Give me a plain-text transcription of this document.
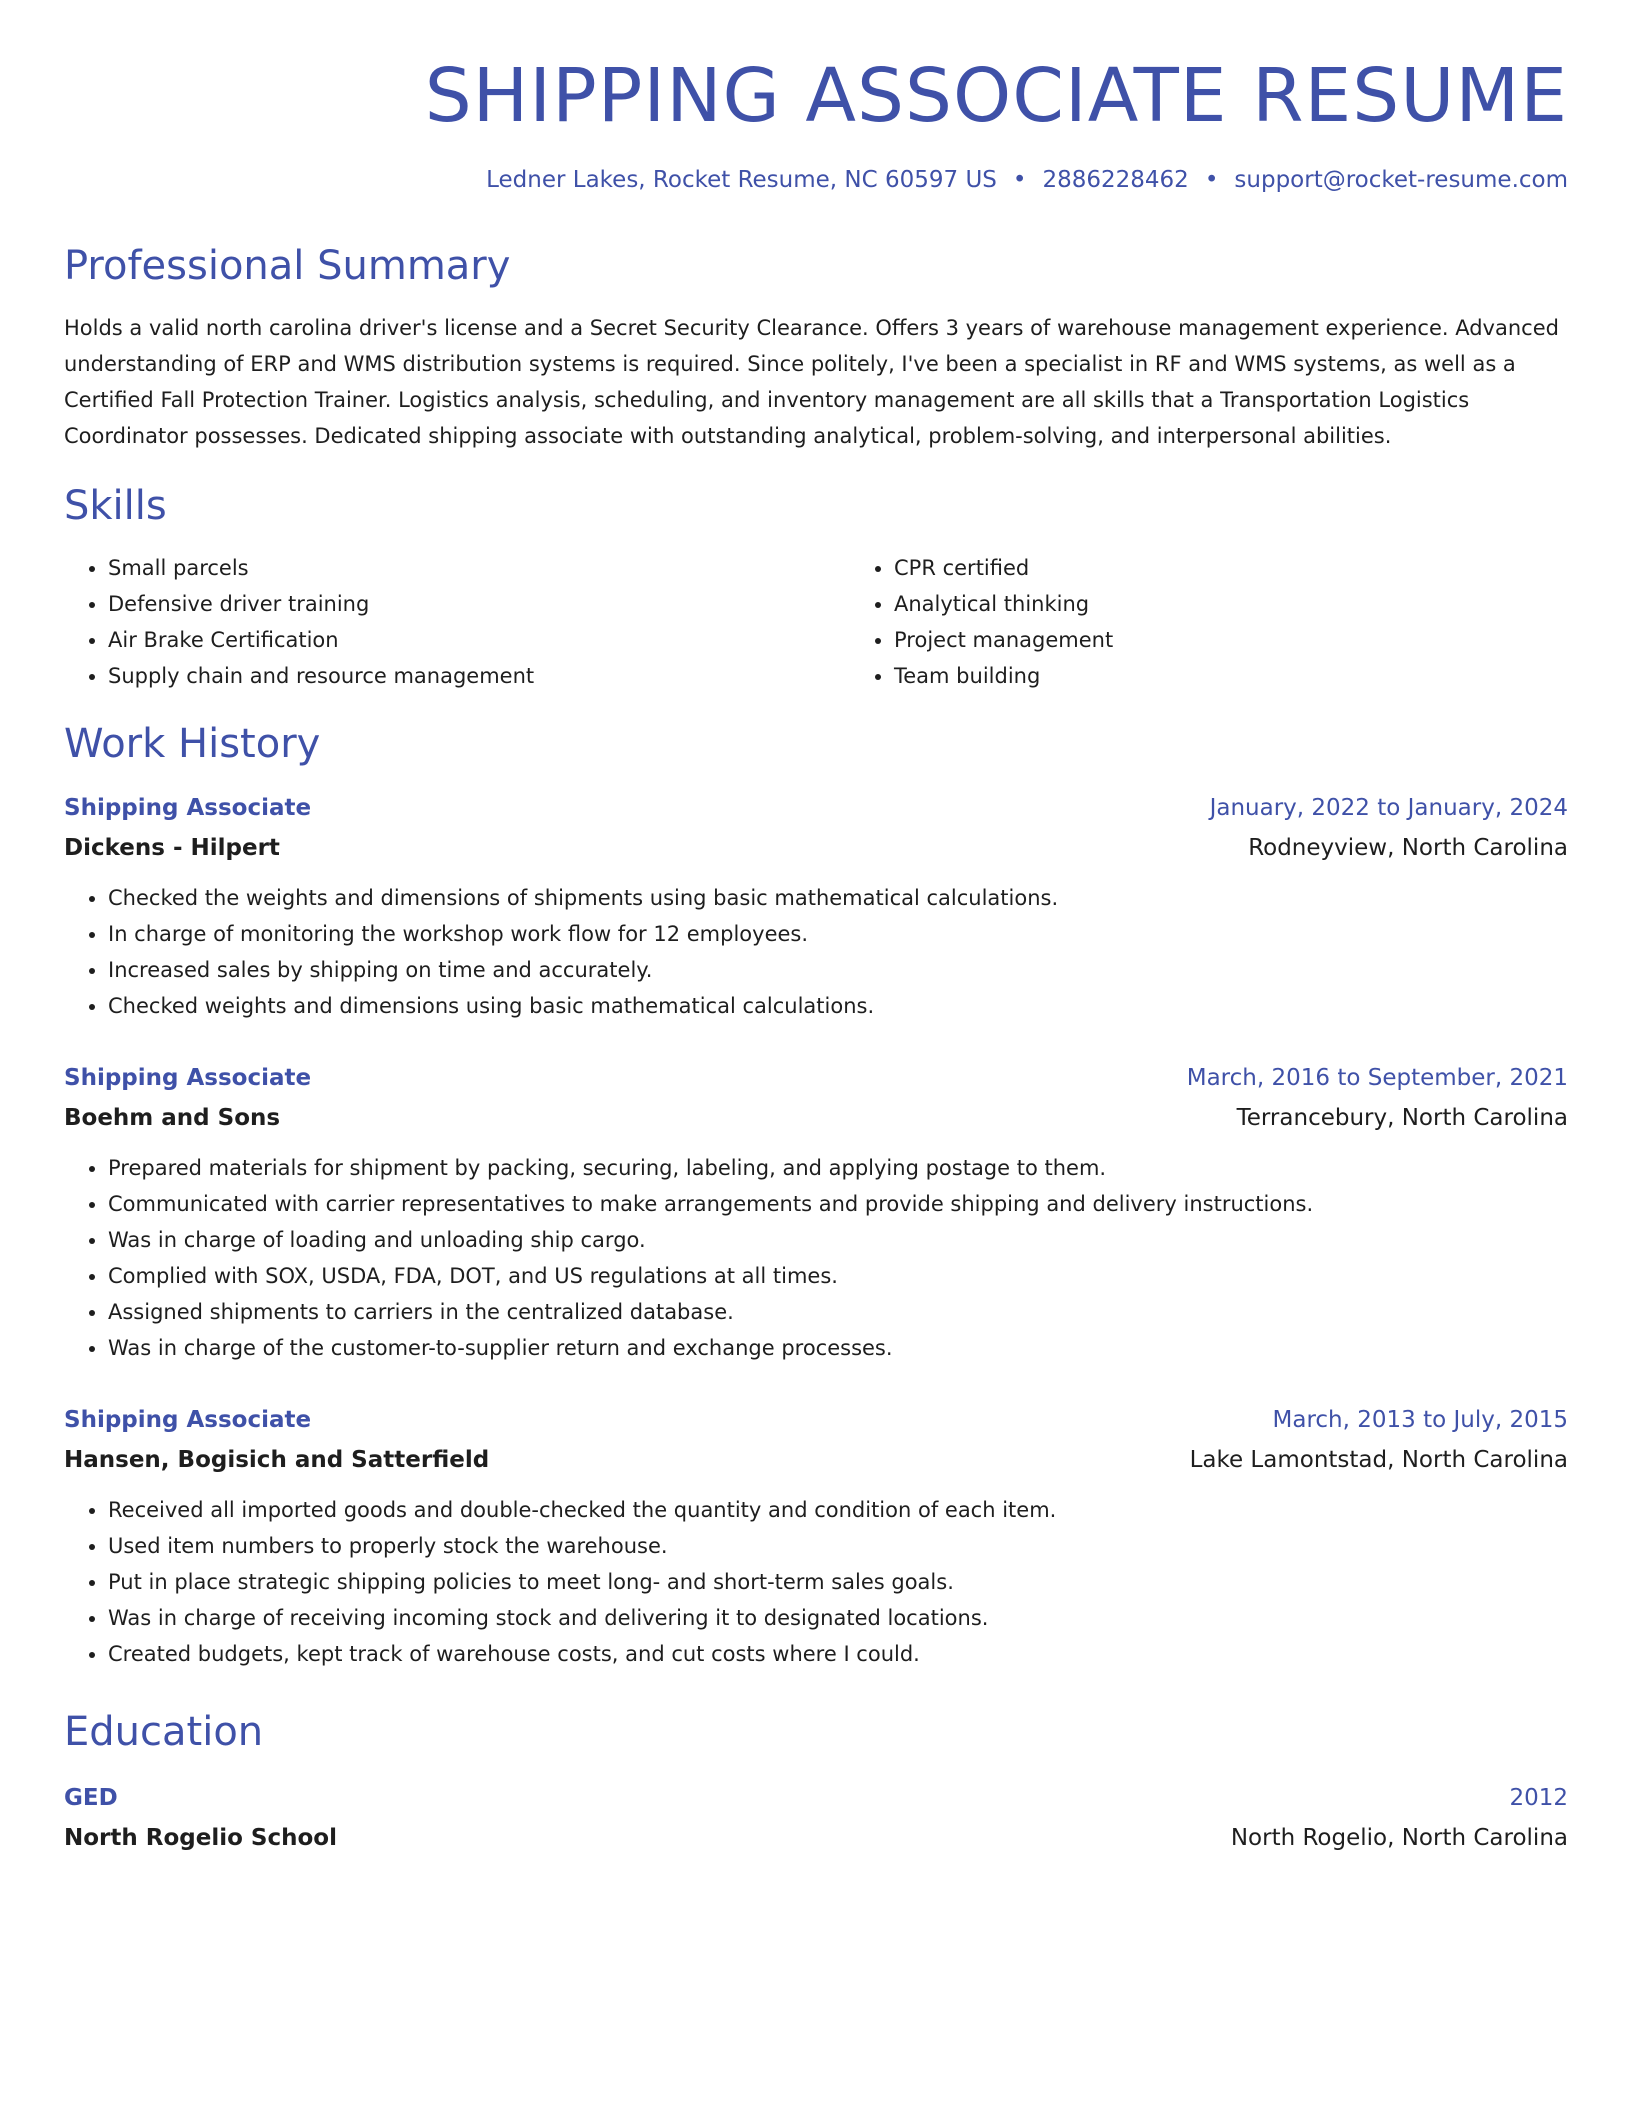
SHIPPING ASSOCIATE RESUME
Ledner Lakes, Rocket Resume, NC 60597 US • 2886228462 • support@rocket-resume.com
Professional Summary
Holds a valid north carolina driver's license and a Secret Security Clearance. Offers 3 years of warehouse management experience. Advanced understanding of ERP and WMS distribution systems is required. Since politely, I've been a specialist in RF and WMS systems, as well as a Certified Fall Protection Trainer. Logistics analysis, scheduling, and inventory management are all skills that a Transportation Logistics Coordinator possesses. Dedicated shipping associate with outstanding analytical, problem-solving, and interpersonal abilities.
Skills
• Small parcels
• Defensive driver training
• Air Brake Certification
• Supply chain and resource management
• CPR certified
• Analytical thinking
• Project management
• Team building
Work History
Shipping Associate	January, 2022 to January, 2024
Dickens - Hilpert	Rodneyview, North Carolina
• Checked the weights and dimensions of shipments using basic mathematical calculations.
• In charge of monitoring the workshop work flow for 12 employees.
• Increased sales by shipping on time and accurately.
• Checked weights and dimensions using basic mathematical calculations.
Shipping Associate	March, 2016 to September, 2021
Boehm and Sons	Terrancebury, North Carolina
• Prepared materials for shipment by packing, securing, labeling, and applying postage to them.
• Communicated with carrier representatives to make arrangements and provide shipping and delivery instructions.
• Was in charge of loading and unloading ship cargo.
• Complied with SOX, USDA, FDA, DOT, and US regulations at all times.
• Assigned shipments to carriers in the centralized database.
• Was in charge of the customer-to-supplier return and exchange processes.
Shipping Associate	March, 2013 to July, 2015
Hansen, Bogisich and Satterfield	Lake Lamontstad, North Carolina
• Received all imported goods and double-checked the quantity and condition of each item.
• Used item numbers to properly stock the warehouse.
• Put in place strategic shipping policies to meet long- and short-term sales goals.
• Was in charge of receiving incoming stock and delivering it to designated locations.
• Created budgets, kept track of warehouse costs, and cut costs where I could.
Education
GED	2012
North Rogelio School	North Rogelio, North Carolina
